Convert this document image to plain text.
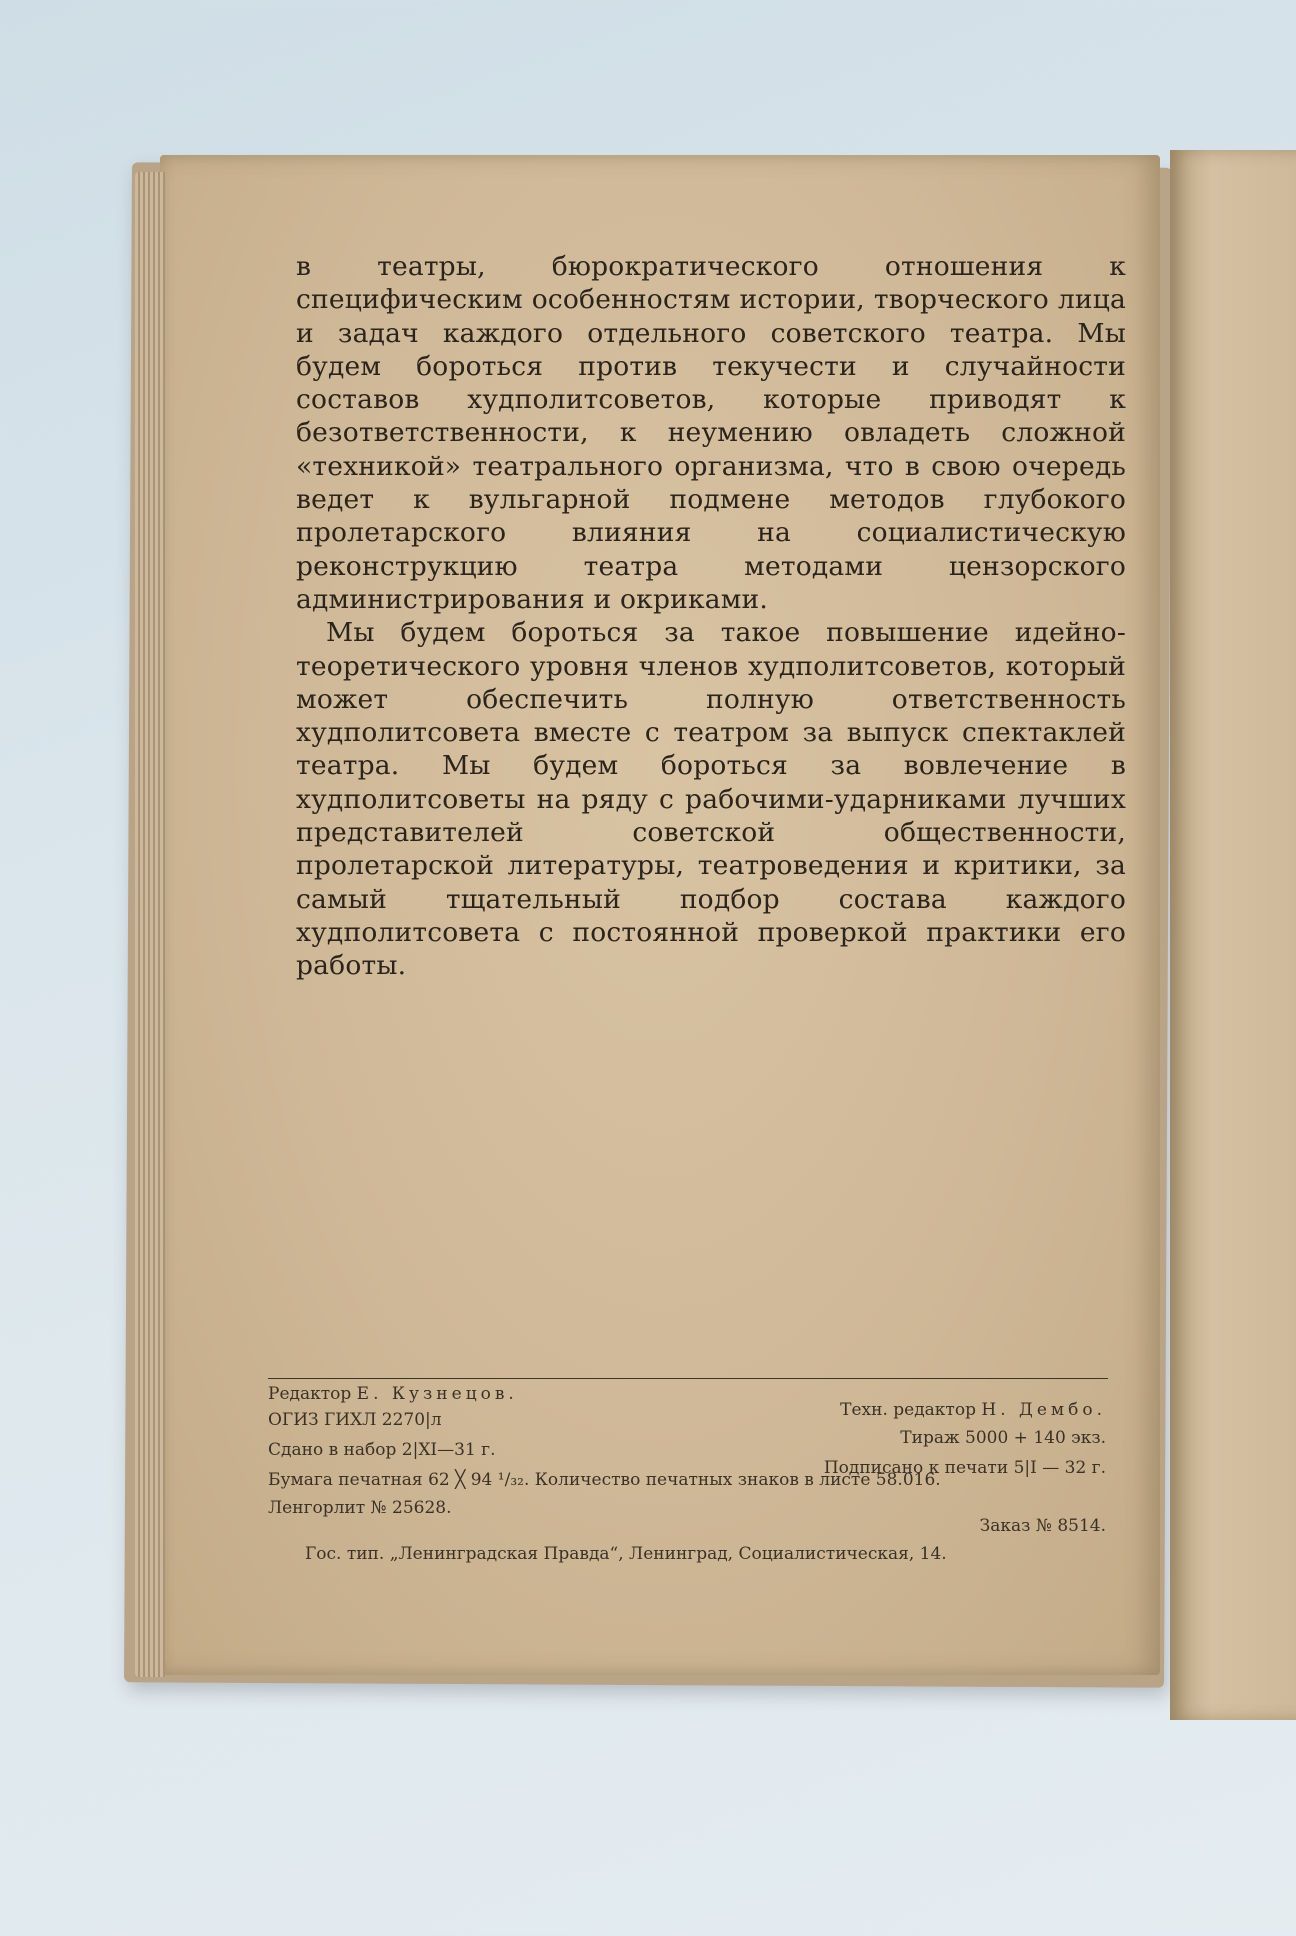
в театры, бюрократического отношения к специфическим особенностям истории, творческого лица и задач каждого отдельного советского театра. Мы будем бороться против текучести и случайности составов худполитсоветов, которые приводят к безответственности, к неумению овладеть сложной «техникой» театрального организма, что в свою очередь ведет к вульгарной подмене методов глубокого пролетарского влияния на социалистическую реконструкцию театра методами цензорского администрирования и окриками.

Мы будем бороться за такое повышение идейно-теоретического уровня членов худполитсоветов, который может обеспечить полную ответственность худполитсовета вместе с театром за выпуск спектаклей театра. Мы будем бороться за вовлечение в худполитсоветы на ряду с рабочими-ударниками лучших представителей советской общественности, пролетарской литературы, театроведения и критики, за самый тщательный подбор состава каждого худполитсовета с постоянной проверкой практики его работы.

Редактор Е. Кузнецов.
Техн. редактор Н. Дембо.
ОГИЗ ГИХЛ 2270|л
Тираж 5000 + 140 экз.
Сдано в набор 2|XI—31 г.
Подписано к печати 5|I — 32 г.
Бумага печатная 62 ╳ 94 ¹/₃₂. Количество печатных знаков в листе 58.016.
Ленгорлит № 25628.
Заказ № 8514.
Гос. тип. „Ленинградская Правда“, Ленинград, Социалистическая, 14.
